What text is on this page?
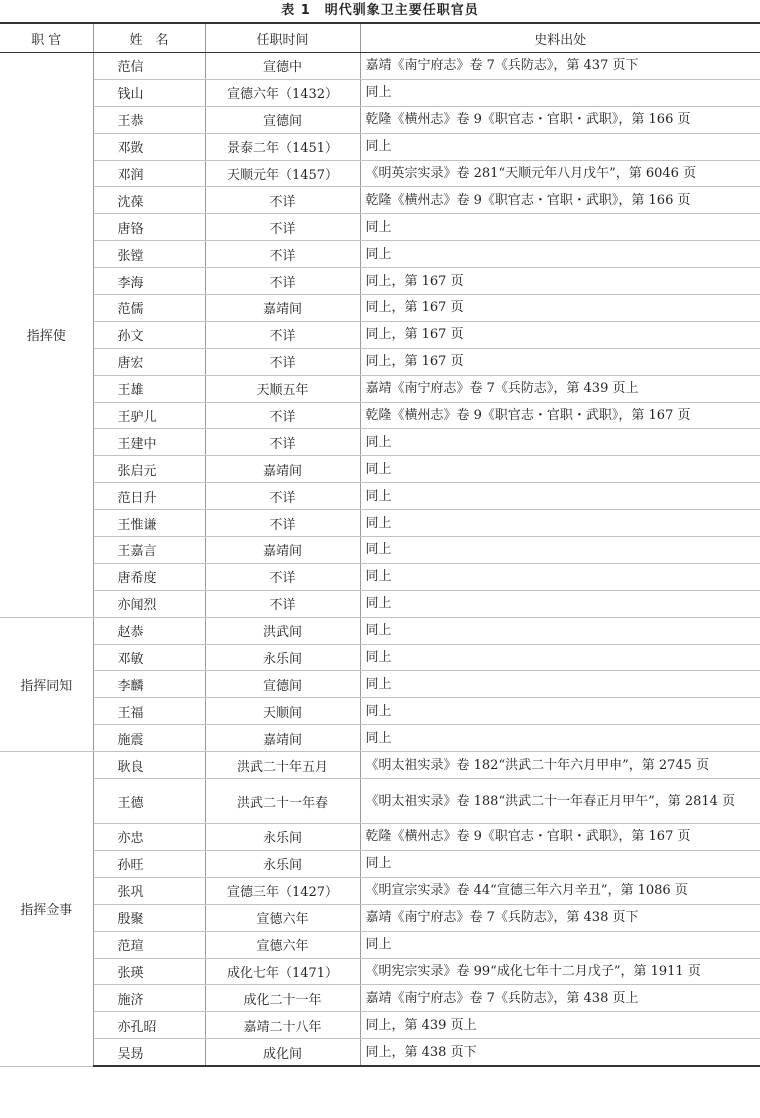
表 1　明代驯象卫主要任职官员
职 官	姓　名	任职时间	史料出处
指挥使	范信	宣德中	嘉靖《南宁府志》卷 7《兵防志》，第 437 页下
	钱山	宣德六年（1432）	同上
	王恭	宣德间	乾隆《横州志》卷 9《职官志・官职・武职》，第 166 页
	邓敳	景泰二年（1451）	同上
	邓润	天顺元年（1457）	《明英宗实录》卷 281“天顺元年八月戊午”，第 6046 页
	沈葆	不详	乾隆《横州志》卷 9《职官志・官职・武职》，第 166 页
	唐铬	不详	同上
	张镗	不详	同上
	李海	不详	同上，第 167 页
	范儒	嘉靖间	同上，第 167 页
	孙文	不详	同上，第 167 页
	唐宏	不详	同上，第 167 页
	王雄	天顺五年	嘉靖《南宁府志》卷 7《兵防志》，第 439 页上
	王驴儿	不详	乾隆《横州志》卷 9《职官志・官职・武职》，第 167 页
	王建中	不详	同上
	张启元	嘉靖间	同上
	范日升	不详	同上
	王惟谦	不详	同上
	王嘉言	嘉靖间	同上
	唐希度	不详	同上
	亦闻烈	不详	同上
指挥同知	赵恭	洪武间	同上
	邓敏	永乐间	同上
	李麟	宣德间	同上
	王福	天顺间	同上
	施震	嘉靖间	同上
指挥佥事	耿良	洪武二十年五月	《明太祖实录》卷 182“洪武二十年六月甲申”，第 2745 页
	王德	洪武二十一年春	《明太祖实录》卷 188“洪武二十一年春正月甲午”，第 2814 页
	亦忠	永乐间	乾隆《横州志》卷 9《职官志・官职・武职》，第 167 页
	孙旺	永乐间	同上
	张巩	宣德三年（1427）	《明宣宗实录》卷 44“宣德三年六月辛丑”，第 1086 页
	殷聚	宣德六年	嘉靖《南宁府志》卷 7《兵防志》，第 438 页下
	范瑄	宣德六年	同上
	张瑛	成化七年（1471）	《明宪宗实录》卷 99“成化七年十二月戊子”，第 1911 页
	施济	成化二十一年	嘉靖《南宁府志》卷 7《兵防志》，第 438 页上
	亦孔昭	嘉靖二十八年	同上，第 439 页上
	吴昮	成化间	同上，第 438 页下
